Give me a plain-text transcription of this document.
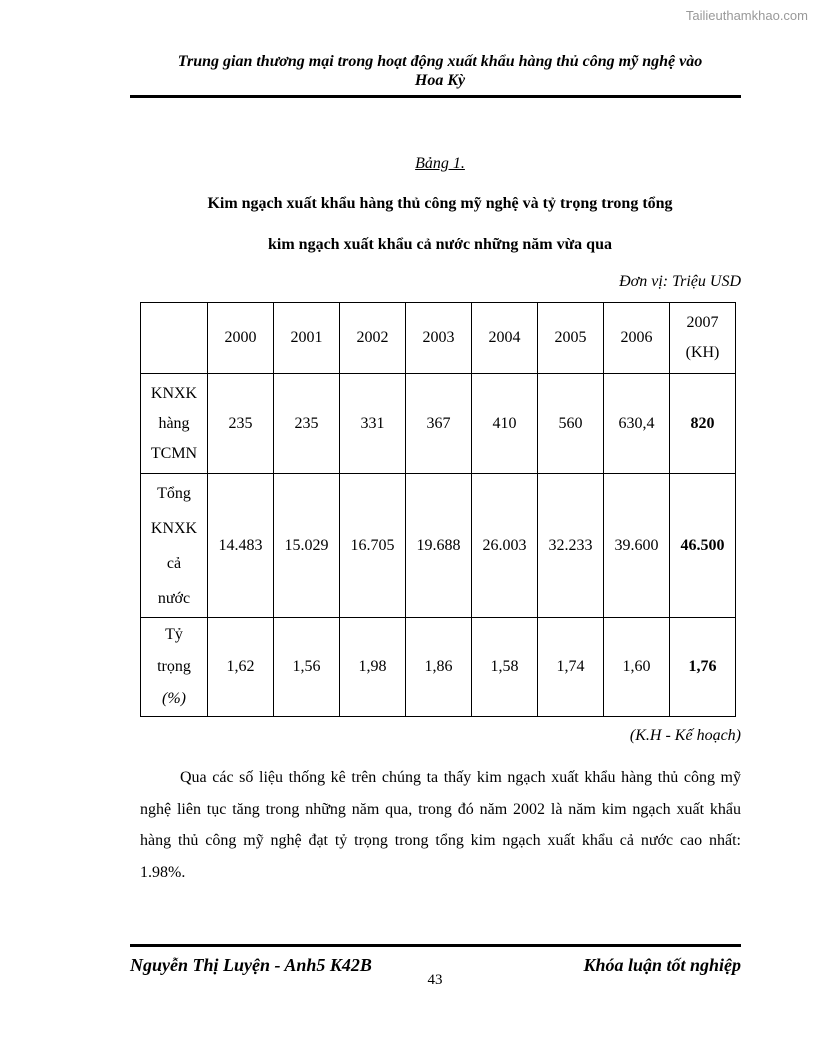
Tailieuthamkhao.com
Trung gian thương mại trong hoạt động xuất khẩu hàng thủ công mỹ nghệ vào
Hoa Kỳ
Bảng 1.
Kim ngạch xuất khẩu hàng thủ công mỹ nghệ và tỷ trọng trong tổng
kim ngạch xuất khẩu cả nước những năm vừa qua
Đơn vị: Triệu USD
	2000	2001	2002	2003	2004	2005	2006	2007
(KH)

KNXK
hàng
TCMN	235	235	331	367	410	560	630,4	820

Tổng
KNXK
cả
nước	14.483	15.029	16.705	19.688	26.003	32.233	39.600	46.500

Tỷ
trọng
(%)	1,62	1,56	1,98	1,86	1,58	1,74	1,60	1,76
(K.H - Kế hoạch)
Qua các số liệu thống kê trên chúng ta thấy kim ngạch xuất khẩu hàng thủ công mỹ nghệ liên tục tăng trong những năm qua, trong đó năm 2002 là năm kim ngạch xuất khẩu hàng thủ công mỹ nghệ đạt tỷ trọng trong tổng kim ngạch xuất khẩu cả nước cao nhất: 1.98%.
Nguyễn Thị Luyện - Anh5 K42B	Khóa luận tốt nghiệp
43
